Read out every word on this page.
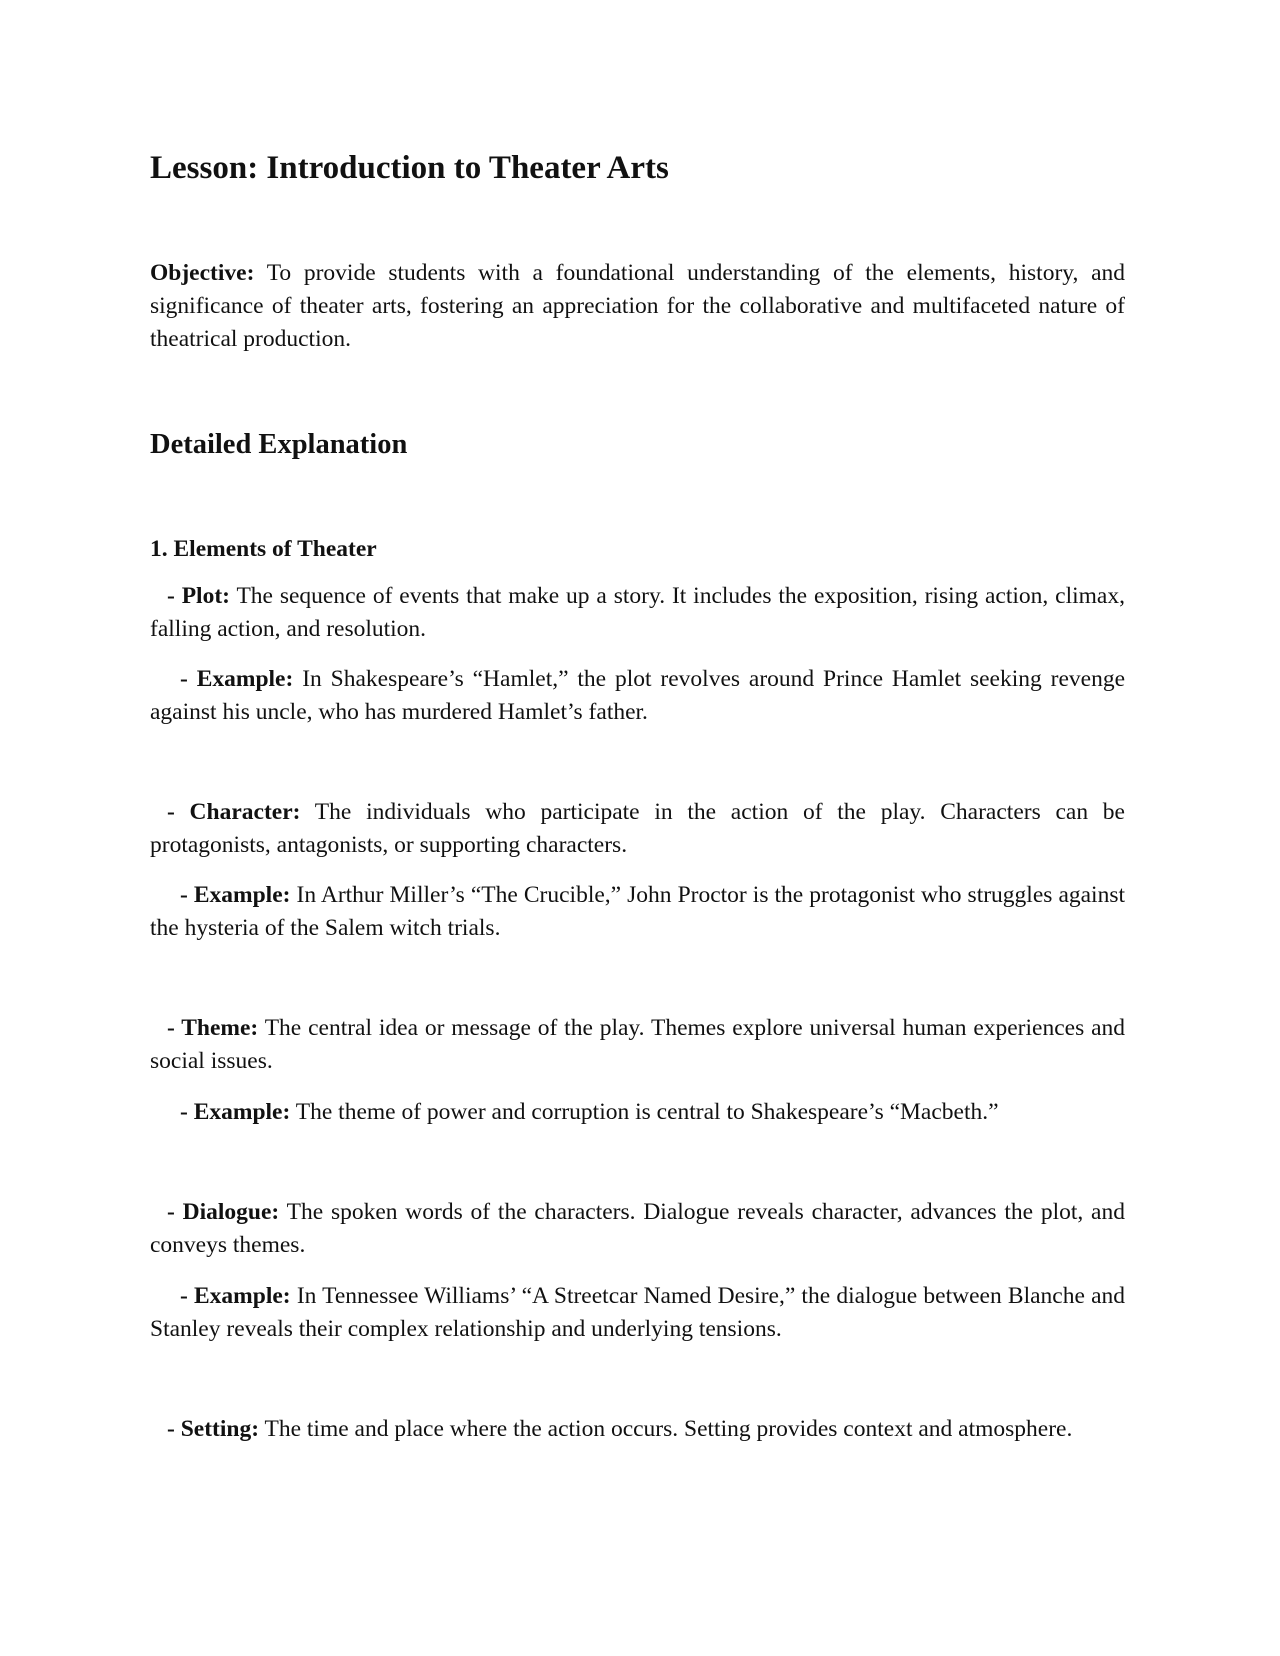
Lesson: Introduction to Theater Arts

Objective: To provide students with a foundational understanding of the elements, history, and significance of theater arts, fostering an appreciation for the collaborative and multifaceted nature of theatrical production.

Detailed Explanation
1. Elements of Theater

- Plot: The sequence of events that make up a story. It includes the exposition, rising action, climax, falling action, and resolution.

- Example: In Shakespeare’s “Hamlet,” the plot revolves around Prince Hamlet seeking revenge against his uncle, who has murdered Hamlet’s father.

- Character: The individuals who participate in the action of the play. Characters can be protagonists, antagonists, or supporting characters.

- Example: In Arthur Miller’s “The Crucible,” John Proctor is the protagonist who struggles against the hysteria of the Salem witch trials.

- Theme: The central idea or message of the play. Themes explore universal human experiences and social issues.

- Example: The theme of power and corruption is central to Shakespeare’s “Macbeth.”

- Dialogue: The spoken words of the characters. Dialogue reveals character, advances the plot, and conveys themes.

- Example: In Tennessee Williams’ “A Streetcar Named Desire,” the dialogue between Blanche and Stanley reveals their complex relationship and underlying tensions.

- Setting: The time and place where the action occurs. Setting provides context and atmosphere.
